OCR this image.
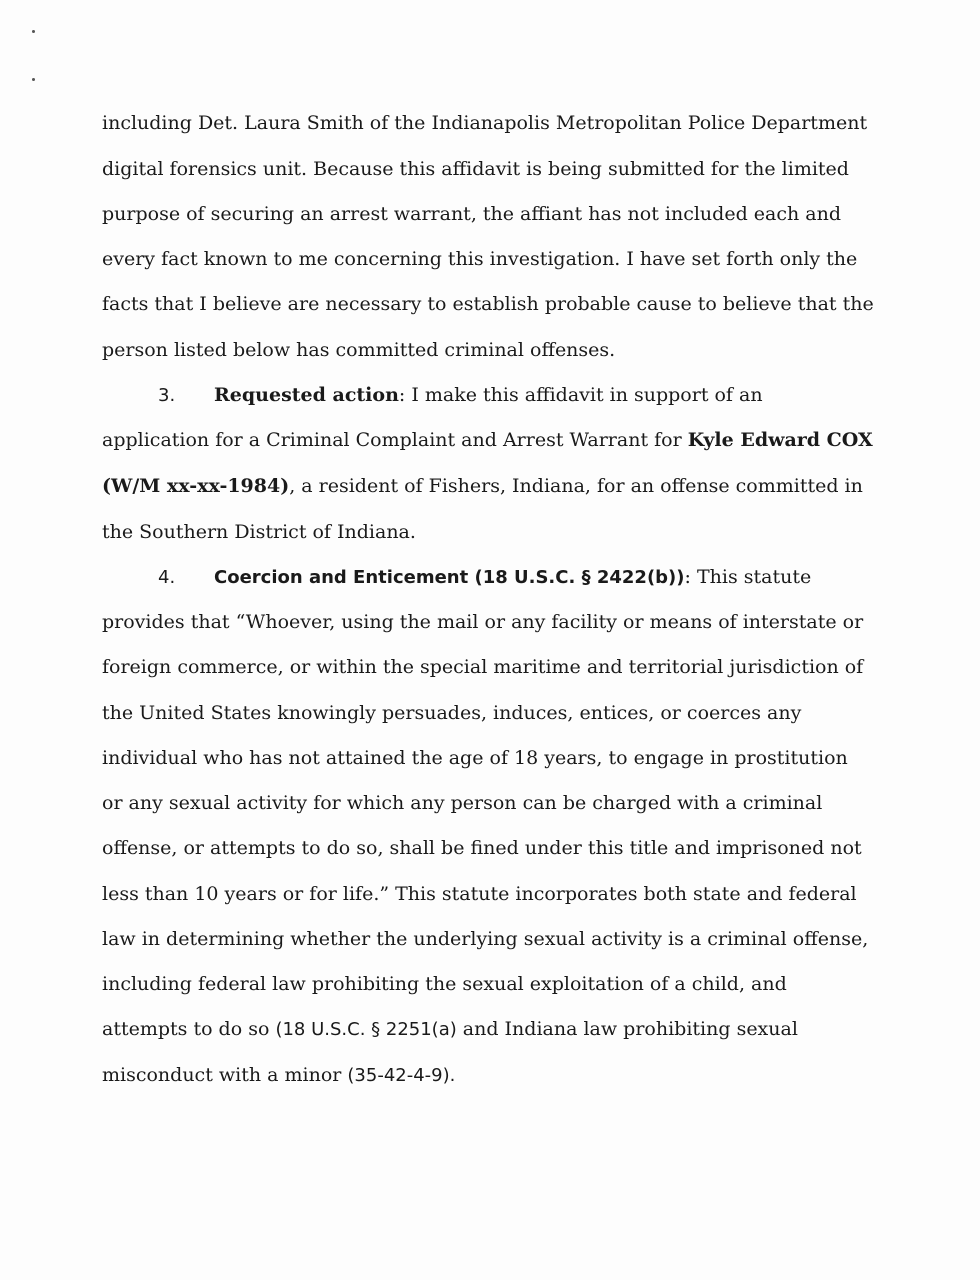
including Det. Laura Smith of the Indianapolis Metropolitan Police Department
digital forensics unit. Because this affidavit is being submitted for the limited
purpose of securing an arrest warrant, the affiant has not included each and
every fact known to me concerning this investigation. I have set forth only the
facts that I believe are necessary to establish probable cause to believe that the
person listed below has committed criminal offenses.
3. Requested action: I make this affidavit in support of an
application for a Criminal Complaint and Arrest Warrant for Kyle Edward COX
(W/M xx-xx-1984), a resident of Fishers, Indiana, for an offense committed in
the Southern District of Indiana.
4. Coercion and Enticement (18 U.S.C. § 2422(b)): This statute
provides that “Whoever, using the mail or any facility or means of interstate or
foreign commerce, or within the special maritime and territorial jurisdiction of
the United States knowingly persuades, induces, entices, or coerces any
individual who has not attained the age of 18 years, to engage in prostitution
or any sexual activity for which any person can be charged with a criminal
offense, or attempts to do so, shall be fined under this title and imprisoned not
less than 10 years or for life.” This statute incorporates both state and federal
law in determining whether the underlying sexual activity is a criminal offense,
including federal law prohibiting the sexual exploitation of a child, and
attempts to do so (18 U.S.C. § 2251(a) and Indiana law prohibiting sexual
misconduct with a minor (35-42-4-9).
